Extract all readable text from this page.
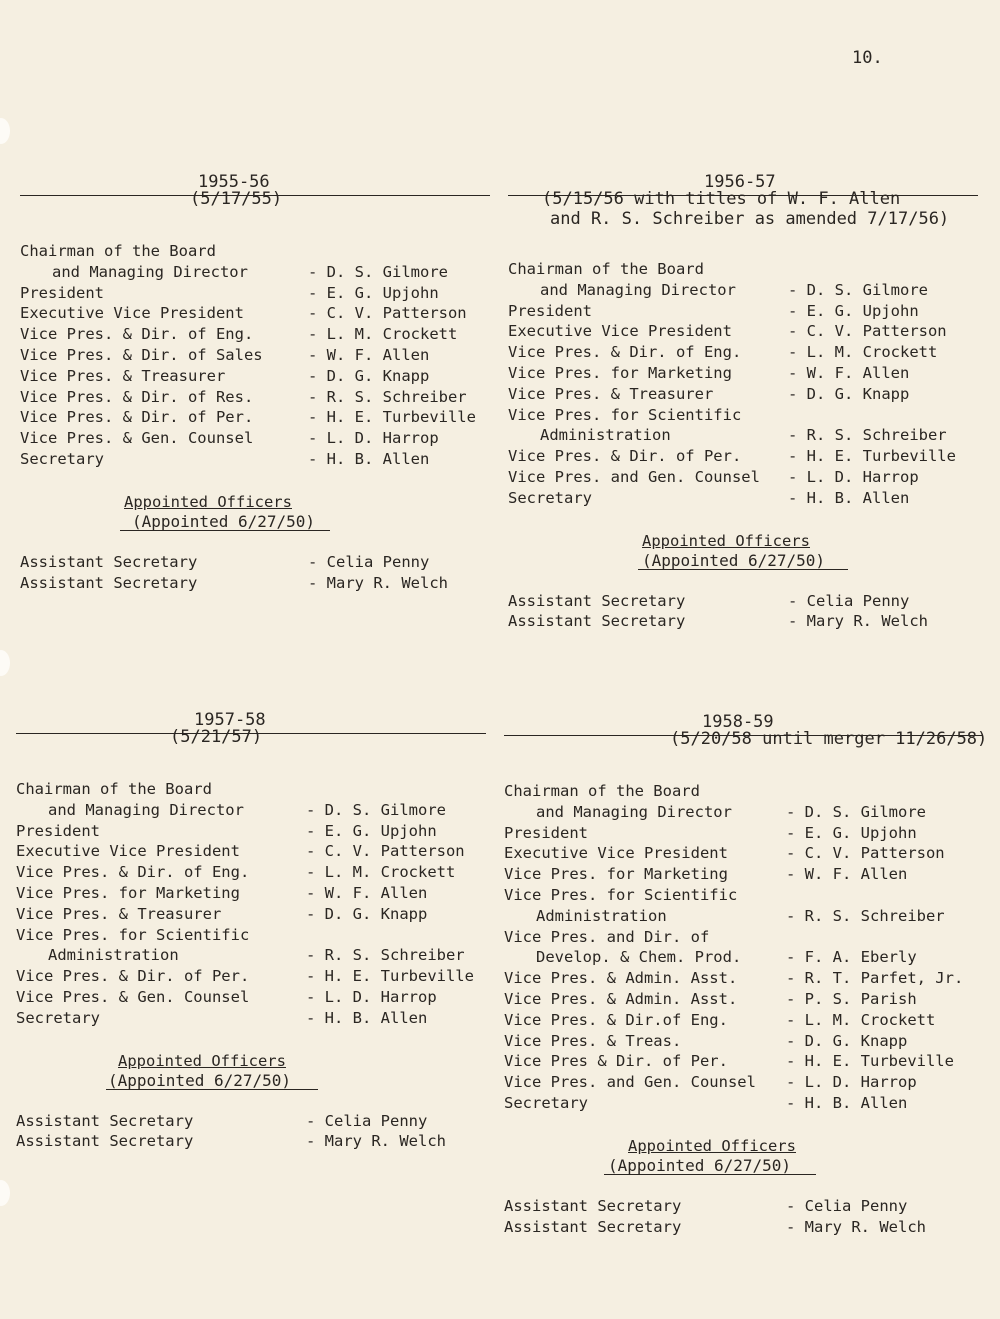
10.
1955-56
(5/17/55)
Chairman of the Board
and Managing Director	- D. S. Gilmore
President	- E. G. Upjohn
Executive Vice President	- C. V. Patterson
Vice Pres. & Dir. of Eng.	- L. M. Crockett
Vice Pres. & Dir. of Sales	- W. F. Allen
Vice Pres. & Treasurer	- D. G. Knapp
Vice Pres. & Dir. of Res.	- R. S. Schreiber
Vice Pres. & Dir. of Per.	- H. E. Turbeville
Vice Pres. & Gen. Counsel	- L. D. Harrop
Secretary	- H. B. Allen
Appointed Officers
(Appointed 6/27/50)
Assistant Secretary	- Celia Penny
Assistant Secretary	- Mary R. Welch
1956-57
(5/15/56 with titles of W. F. Allen
and R. S. Schreiber as amended 7/17/56)
Chairman of the Board
and Managing Director	- D. S. Gilmore
President	- E. G. Upjohn
Executive Vice President	- C. V. Patterson
Vice Pres. & Dir. of Eng.	- L. M. Crockett
Vice Pres. for Marketing	- W. F. Allen
Vice Pres. & Treasurer	- D. G. Knapp
Vice Pres. for Scientific
Administration	- R. S. Schreiber
Vice Pres. & Dir. of Per.	- H. E. Turbeville
Vice Pres. and Gen. Counsel - L. D. Harrop
Secretary	- H. B. Allen
Appointed Officers
(Appointed 6/27/50)
Assistant Secretary	- Celia Penny
Assistant Secretary	- Mary R. Welch
1957-58
(5/21/57)
Chairman of the Board
and Managing Director	- D. S. Gilmore
President	- E. G. Upjohn
Executive Vice President	- C. V. Patterson
Vice Pres. & Dir. of Eng.	- L. M. Crockett
Vice Pres. for Marketing	- W. F. Allen
Vice Pres. & Treasurer	- D. G. Knapp
Vice Pres. for Scientific
Administration	- R. S. Schreiber
Vice Pres. & Dir. of Per.	- H. E. Turbeville
Vice Pres. & Gen. Counsel	- L. D. Harrop
Secretary	- H. B. Allen
Appointed Officers
(Appointed 6/27/50)
Assistant Secretary	- Celia Penny
Assistant Secretary	- Mary R. Welch
1958-59
(5/20/58 until merger 11/26/58)
Chairman of the Board
and Managing Director	- D. S. Gilmore
President	- E. G. Upjohn
Executive Vice President	- C. V. Patterson
Vice Pres. for Marketing	- W. F. Allen
Vice Pres. for Scientific
Administration	- R. S. Schreiber
Vice Pres. and Dir. of
Develop. & Chem. Prod.	- F. A. Eberly
Vice Pres. & Admin. Asst.	- R. T. Parfet, Jr.
Vice Pres. & Admin. Asst.	- P. S. Parish
Vice Pres. & Dir.of Eng.	- L. M. Crockett
Vice Pres. & Treas.	- D. G. Knapp
Vice Pres & Dir. of Per.	- H. E. Turbeville
Vice Pres. and Gen. Counsel - L. D. Harrop
Secretary	- H. B. Allen
Appointed Officers
(Appointed 6/27/50)
Assistant Secretary	- Celia Penny
Assistant Secretary	- Mary R. Welch
